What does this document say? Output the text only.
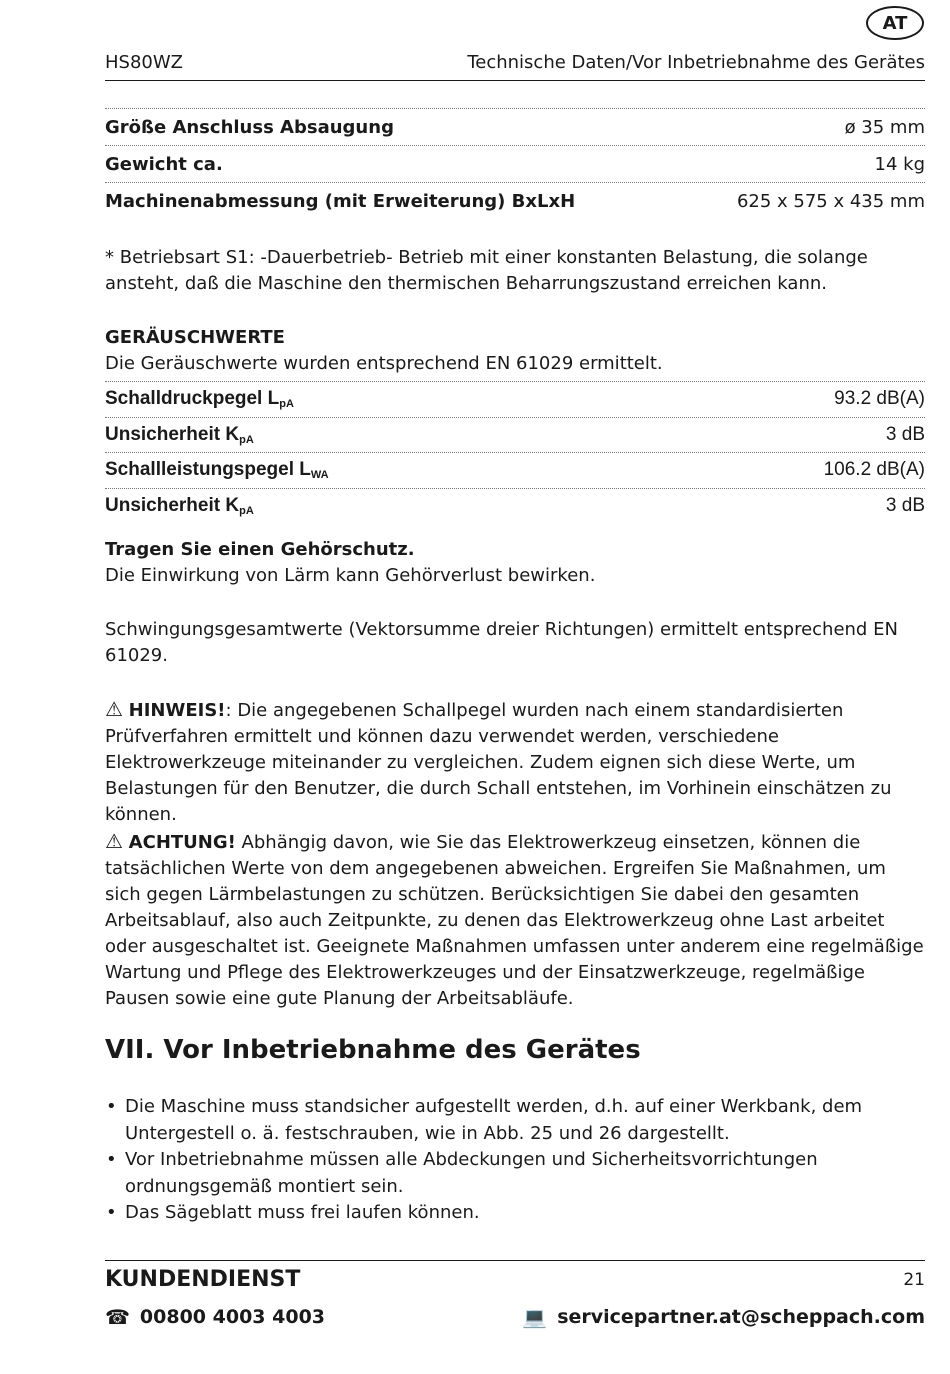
AT
HS80WZ	Technische Daten/Vor Inbetriebnahme des Gerätes
Größe Anschluss Absaugung	ø 35 mm
Gewicht ca.	14 kg
Machinenabmessung (mit Erweiterung) BxLxH	625 x 575 x 435 mm

* Betriebsart S1: -Dauerbetrieb- Betrieb mit einer konstanten Belastung, die solange ansteht, daß die Maschine den thermischen Beharrungszustand erreichen kann.

GERÄUSCHWERTE

Die Geräuschwerte wurden entsprechend EN 61029 ermittelt.

Schalldruckpegel $L_{pA}$	93.2 dB(A)
Unsicherheit $K_{pA}$	3 dB
Schallleistungspegel $L_{WA}$	106.2 dB(A)
Unsicherheit $K_{pA}$	3 dB

Tragen Sie einen Gehörschutz.

Die Einwirkung von Lärm kann Gehörverlust bewirken.

Schwingungsgesamtwerte (Vektorsumme dreier Richtungen) ermittelt entsprechend EN 61029.

⚠ HINWEIS!: Die angegebenen Schallpegel wurden nach einem standardisierten Prüfverfahren ermittelt und können dazu verwendet werden, verschiedene Elektrowerkzeuge miteinander zu vergleichen. Zudem eignen sich diese Werte, um Belastungen für den Benutzer, die durch Schall entstehen, im Vorhinein einschätzen zu können.

⚠ ACHTUNG! Abhängig davon, wie Sie das Elektrowerkzeug einsetzen, können die tatsächlichen Werte von dem angegebenen abweichen. Ergreifen Sie Maßnahmen, um sich gegen Lärmbelastungen zu schützen. Berücksichtigen Sie dabei den gesamten Arbeitsablauf, also auch Zeitpunkte, zu denen das Elektrowerkzeug ohne Last arbeitet oder ausgeschaltet ist. Geeignete Maßnahmen umfassen unter anderem eine regelmäßige Wartung und Pflege des Elektrowerkzeuges und der Einsatzwerkzeuge, regelmäßige Pausen sowie eine gute Planung der Arbeitsabläufe.

VII. Vor Inbetriebnahme des Gerätes
• Die Maschine muss standsicher aufgestellt werden, d.h. auf einer Werkbank, dem Untergestell o. ä. festschrauben, wie in Abb. 25 und 26 dargestellt.
• Vor Inbetriebnahme müssen alle Abdeckungen und Sicherheitsvorrichtungen ordnungsgemäß montiert sein.
• Das Sägeblatt muss frei laufen können.
KUNDENDIENST	21
☎ 00800 4003 4003	💻 servicepartner.at@scheppach.com
